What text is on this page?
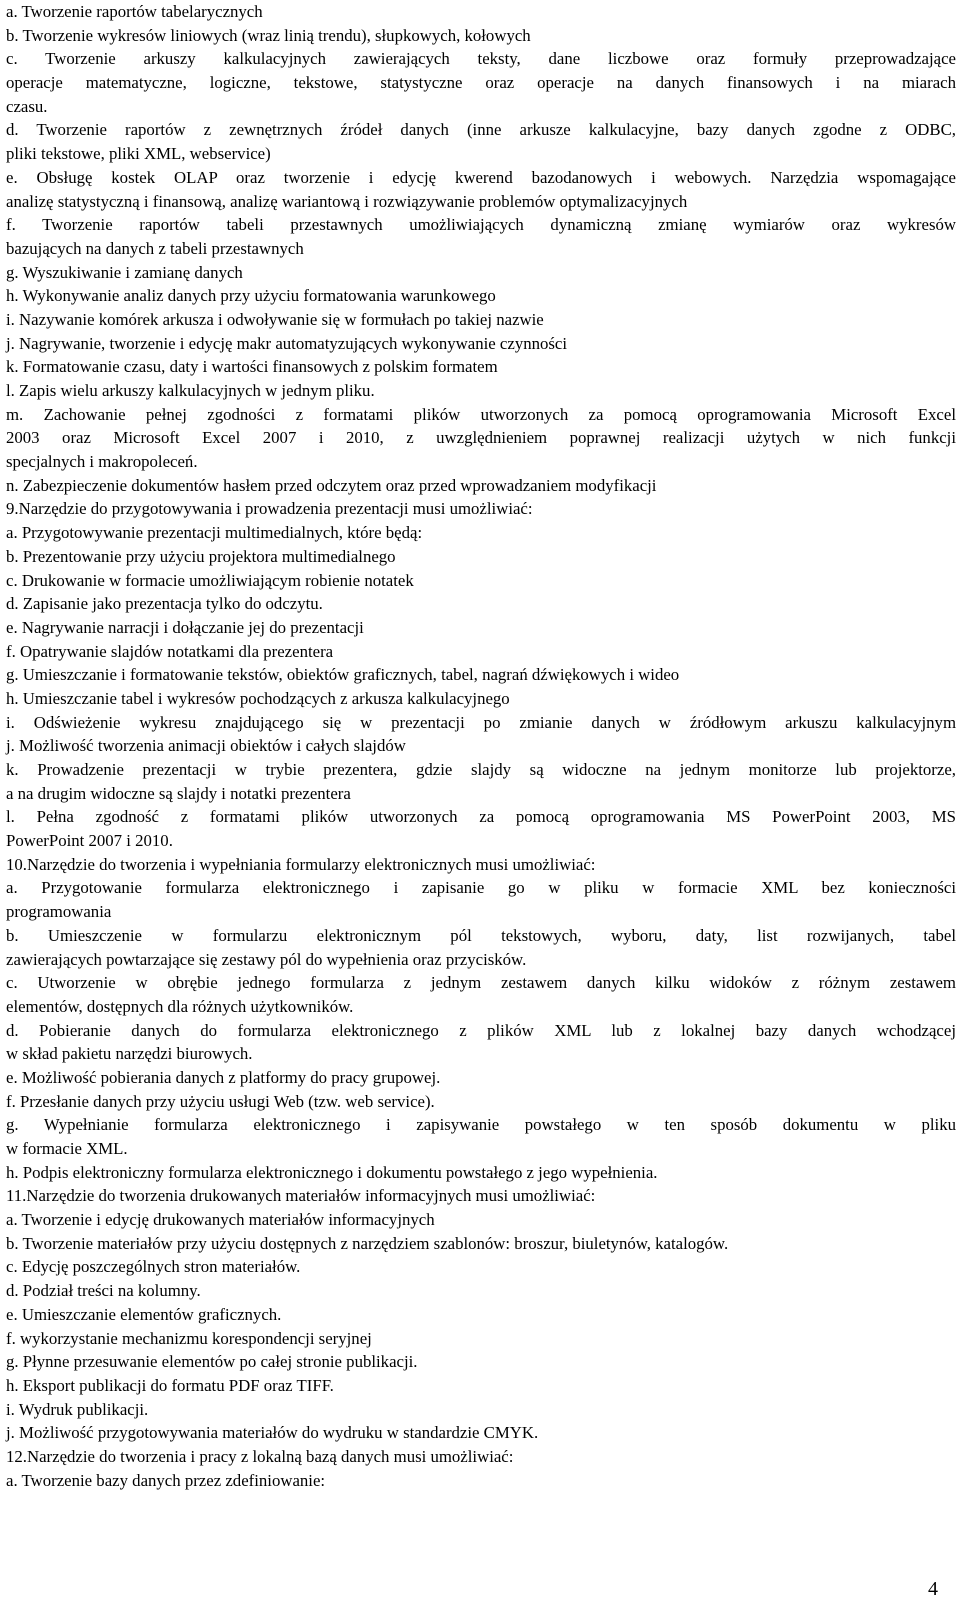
a. Tworzenie raportów tabelarycznych
b. Tworzenie wykresów liniowych (wraz linią trendu), słupkowych, kołowych
c. Tworzenie arkuszy kalkulacyjnych zawierających teksty, dane liczbowe oraz formuły przeprowadzające
operacje matematyczne, logiczne, tekstowe, statystyczne oraz operacje na danych finansowych i na miarach
czasu.
d. Tworzenie raportów z zewnętrznych źródeł danych (inne arkusze kalkulacyjne, bazy danych zgodne z ODBC,
pliki tekstowe, pliki XML, webservice)
e. Obsługę kostek OLAP oraz tworzenie i edycję kwerend bazodanowych i webowych. Narzędzia wspomagające
analizę statystyczną i finansową, analizę wariantową i rozwiązywanie problemów optymalizacyjnych
f. Tworzenie raportów tabeli przestawnych umożliwiających dynamiczną zmianę wymiarów oraz wykresów
bazujących na danych z tabeli przestawnych
g. Wyszukiwanie i zamianę danych
h. Wykonywanie analiz danych przy użyciu formatowania warunkowego
i. Nazywanie komórek arkusza i odwoływanie się w formułach po takiej nazwie
j. Nagrywanie, tworzenie i edycję makr automatyzujących wykonywanie czynności
k. Formatowanie czasu, daty i wartości finansowych z polskim formatem
l. Zapis wielu arkuszy kalkulacyjnych w jednym pliku.
m. Zachowanie pełnej zgodności z formatami plików utworzonych za pomocą oprogramowania Microsoft Excel
2003 oraz Microsoft Excel 2007 i 2010, z uwzględnieniem poprawnej realizacji użytych w nich funkcji
specjalnych i makropoleceń.
n. Zabezpieczenie dokumentów hasłem przed odczytem oraz przed wprowadzaniem modyfikacji
9.Narzędzie do przygotowywania i prowadzenia prezentacji musi umożliwiać:
a. Przygotowywanie prezentacji multimedialnych, które będą:
b. Prezentowanie przy użyciu projektora multimedialnego
c. Drukowanie w formacie umożliwiającym robienie notatek
d. Zapisanie jako prezentacja tylko do odczytu.
e. Nagrywanie narracji i dołączanie jej do prezentacji
f. Opatrywanie slajdów notatkami dla prezentera
g. Umieszczanie i formatowanie tekstów, obiektów graficznych, tabel, nagrań dźwiękowych i wideo
h. Umieszczanie tabel i wykresów pochodzących z arkusza kalkulacyjnego
i. Odświeżenie wykresu znajdującego się w prezentacji po zmianie danych w źródłowym arkuszu kalkulacyjnym
j. Możliwość tworzenia animacji obiektów i całych slajdów
k. Prowadzenie prezentacji w trybie prezentera, gdzie slajdy są widoczne na jednym monitorze lub projektorze,
a na drugim widoczne są slajdy i notatki prezentera
l. Pełna zgodność z formatami plików utworzonych za pomocą oprogramowania MS PowerPoint 2003, MS
PowerPoint 2007 i 2010.
10.Narzędzie do tworzenia i wypełniania formularzy elektronicznych musi umożliwiać:
a. Przygotowanie formularza elektronicznego i zapisanie go w pliku w formacie XML bez konieczności
programowania
b. Umieszczenie w formularzu elektronicznym pól tekstowych, wyboru, daty, list rozwijanych, tabel
zawierających powtarzające się zestawy pól do wypełnienia oraz przycisków.
c. Utworzenie w obrębie jednego formularza z jednym zestawem danych kilku widoków z różnym zestawem
elementów, dostępnych dla różnych użytkowników.
d. Pobieranie danych do formularza elektronicznego z plików XML lub z lokalnej bazy danych wchodzącej
w skład pakietu narzędzi biurowych.
e. Możliwość pobierania danych z platformy do pracy grupowej.
f. Przesłanie danych przy użyciu usługi Web (tzw. web service).
g. Wypełnianie formularza elektronicznego i zapisywanie powstałego w ten sposób dokumentu w pliku
w formacie XML.
h. Podpis elektroniczny formularza elektronicznego i dokumentu powstałego z jego wypełnienia.
11.Narzędzie do tworzenia drukowanych materiałów informacyjnych musi umożliwiać:
a. Tworzenie i edycję drukowanych materiałów informacyjnych
b. Tworzenie materiałów przy użyciu dostępnych z narzędziem szablonów: broszur, biuletynów, katalogów.
c. Edycję poszczególnych stron materiałów.
d. Podział treści na kolumny.
e. Umieszczanie elementów graficznych.
f. wykorzystanie mechanizmu korespondencji seryjnej
g. Płynne przesuwanie elementów po całej stronie publikacji.
h. Eksport publikacji do formatu PDF oraz TIFF.
i. Wydruk publikacji.
j. Możliwość przygotowywania materiałów do wydruku w standardzie CMYK.
12.Narzędzie do tworzenia i pracy z lokalną bazą danych musi umożliwiać:
a. Tworzenie bazy danych przez zdefiniowanie:
4
